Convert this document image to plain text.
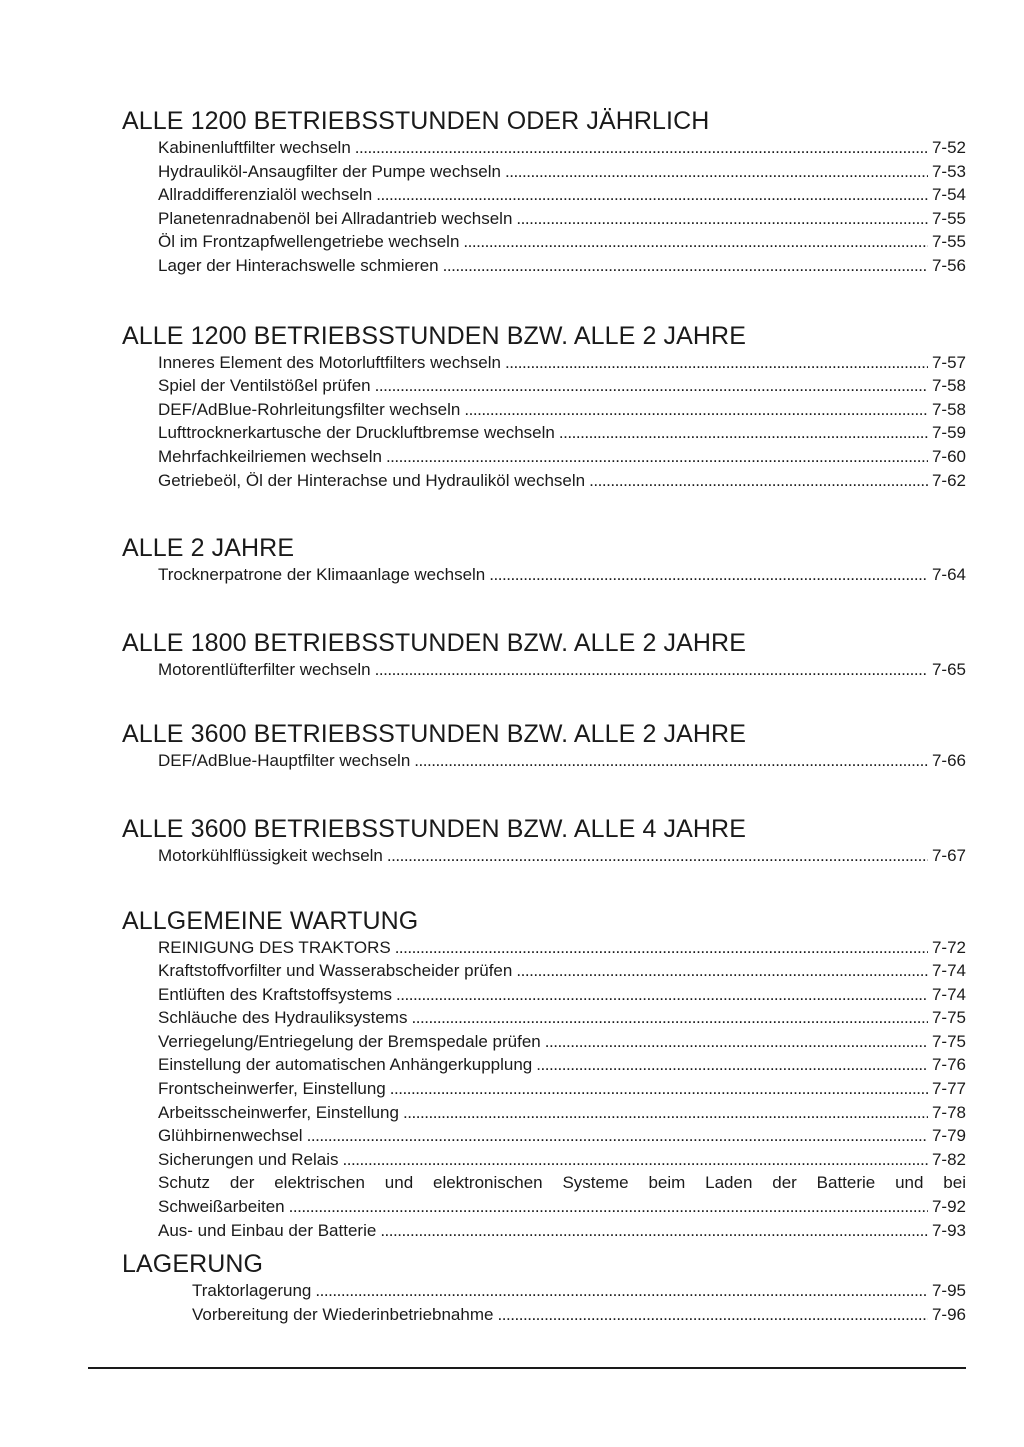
ALLE 1200 BETRIEBSSTUNDEN ODER JÄHRLICH
Kabinenluftfilter wechseln . . .	7-52
Hydrauliköl-Ansaugfilter der Pumpe wechseln . . .	7-53
Allraddifferenzialöl wechseln . . .	7-54
Planetenradnabenöl bei Allradantrieb wechseln . . .	7-55
Öl im Frontzapfwellengetriebe wechseln . . .	7-55
Lager der Hinterachswelle schmieren . . .	7-56
ALLE 1200 BETRIEBSSTUNDEN BZW. ALLE 2 JAHRE
Inneres Element des Motorluftfilters wechseln . . .	7-57
Spiel der Ventilstößel prüfen . . .	7-58
DEF/AdBlue-Rohrleitungsfilter wechseln . . .	7-58
Lufttrocknerkartusche der Druckluftbremse wechseln . . .	7-59
Mehrfachkeilriemen wechseln . . .	7-60
Getriebeöl, Öl der Hinterachse und Hydrauliköl wechseln . . .	7-62
ALLE 2 JAHRE
Trocknerpatrone der Klimaanlage wechseln . . .	7-64
ALLE 1800 BETRIEBSSTUNDEN BZW. ALLE 2 JAHRE
Motorentlüfterfilter wechseln . . .	7-65
ALLE 3600 BETRIEBSSTUNDEN BZW. ALLE 2 JAHRE
DEF/AdBlue-Hauptfilter wechseln . . .	7-66
ALLE 3600 BETRIEBSSTUNDEN BZW. ALLE 4 JAHRE
Motorkühlflüssigkeit wechseln . . .	7-67
ALLGEMEINE WARTUNG
REINIGUNG DES TRAKTORS . . .	7-72
Kraftstoffvorfilter und Wasserabscheider prüfen . . .	7-74
Entlüften des Kraftstoffsystems . . .	7-74
Schläuche des Hydrauliksystems . . .	7-75
Verriegelung/Entriegelung der Bremspedale prüfen . . .	7-75
Einstellung der automatischen Anhängerkupplung . . .	7-76
Frontscheinwerfer, Einstellung . . .	7-77
Arbeitsscheinwerfer, Einstellung . . .	7-78
Glühbirnenwechsel . . .	7-79
Sicherungen und Relais . . .	7-82
Schutz der elektrischen und elektronischen Systeme beim Laden der Batterie und bei
Schweißarbeiten . . .	7-92
Aus- und Einbau der Batterie . . .	7-93
LAGERUNG
Traktorlagerung . . .	7-95
Vorbereitung der Wiederinbetriebnahme . . .	7-96
